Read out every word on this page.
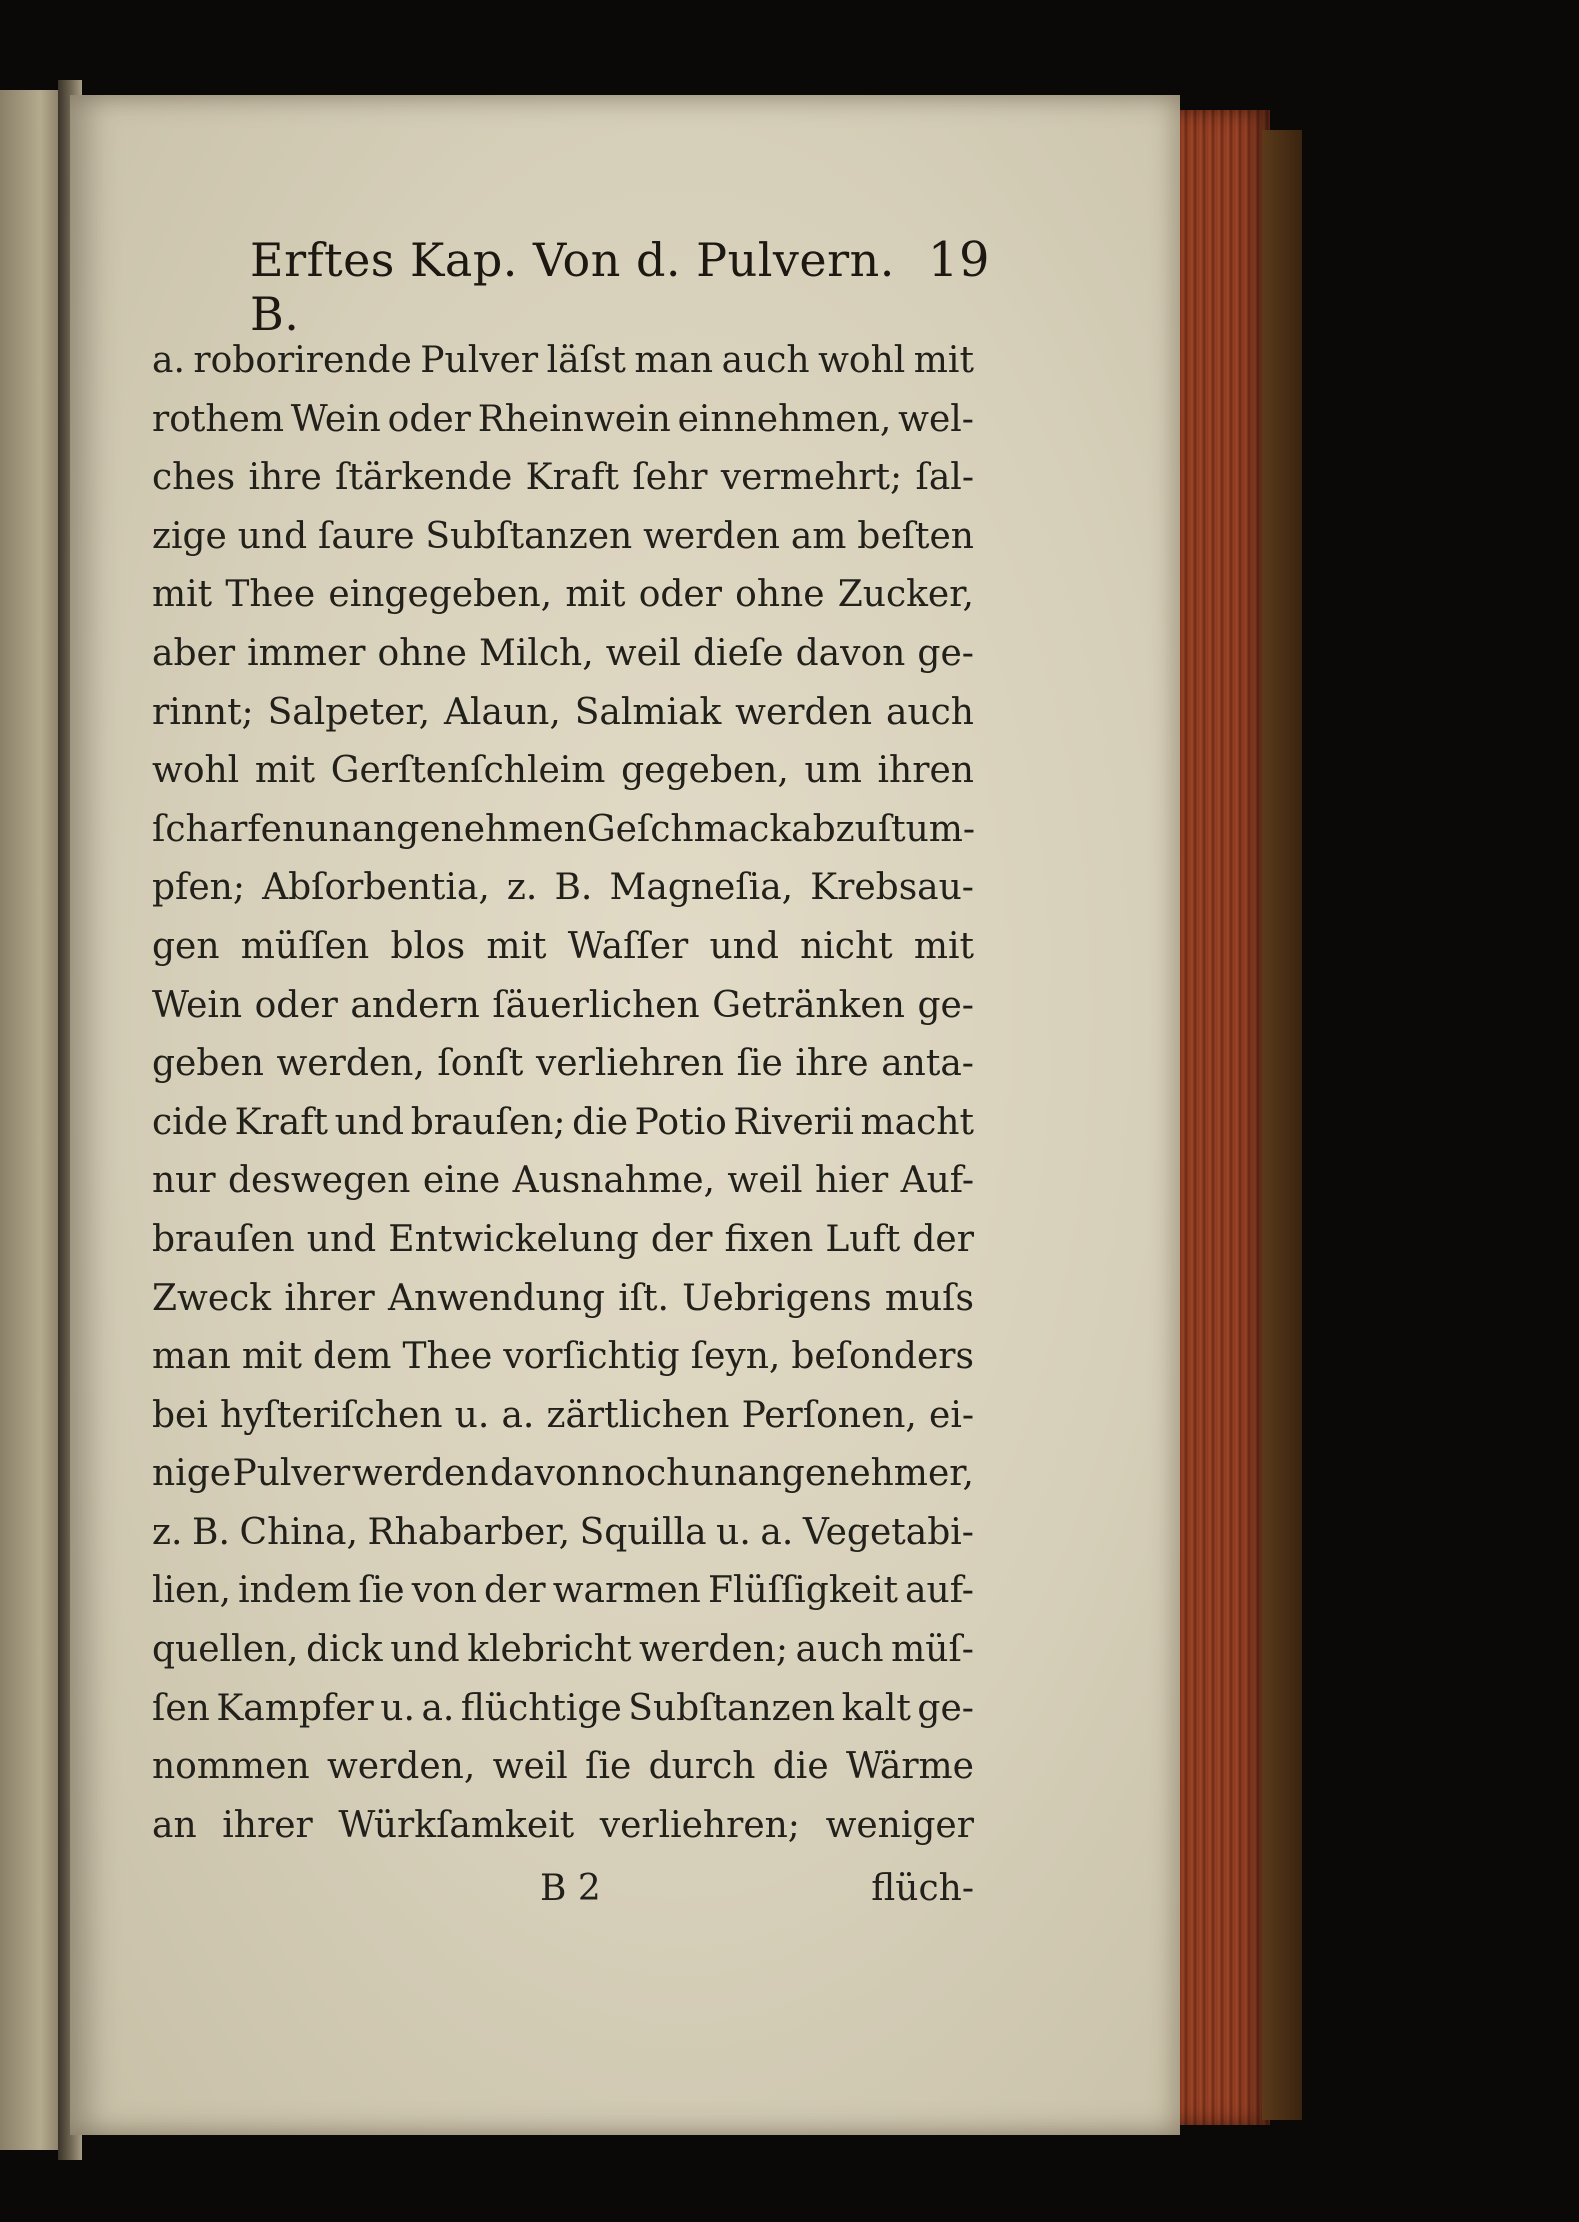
Erftes Kap. Von d. Pulvern. B.
19
a. roborirende Pulver läſst man auch wohl mit
rothem Wein oder Rheinwein einnehmen, wel-
ches ihre ſtärkende Kraft ſehr vermehrt; ſal-
zige und ſaure Subſtanzen werden am beſten
mit Thee eingegeben, mit oder ohne Zucker,
aber immer ohne Milch, weil dieſe davon ge-
rinnt; Salpeter, Alaun, Salmiak werden auch
wohl mit Gerſtenſchleim gegeben, um ihren
ſcharfen unangenehmen Geſchmack abzuſtum-
pfen; Abſorbentia, z. B. Magneſia, Krebsau-
gen müſſen blos mit Waſſer und nicht mit
Wein oder andern ſäuerlichen Getränken ge-
geben werden, ſonſt verliehren ſie ihre anta-
cide Kraft und brauſen; die Potio Riverii macht
nur deswegen eine Ausnahme, weil hier Auf-
brauſen und Entwickelung der fixen Luft der
Zweck ihrer Anwendung iſt. Uebrigens muſs
man mit dem Thee vorſichtig ſeyn, beſonders
bei hyſteriſchen u. a. zärtlichen Perſonen, ei-
nige Pulver werden davon noch unangenehmer,
z. B. China, Rhabarber, Squilla u. a. Vegetabi-
lien, indem ſie von der warmen Flüſſigkeit auf-
quellen, dick und klebricht werden; auch müſ-
ſen Kampfer u. a. flüchtige Subſtanzen kalt ge-
nommen werden, weil ſie durch die Wärme
an ihrer Würkſamkeit verliehren; weniger
B 2	flüch-
